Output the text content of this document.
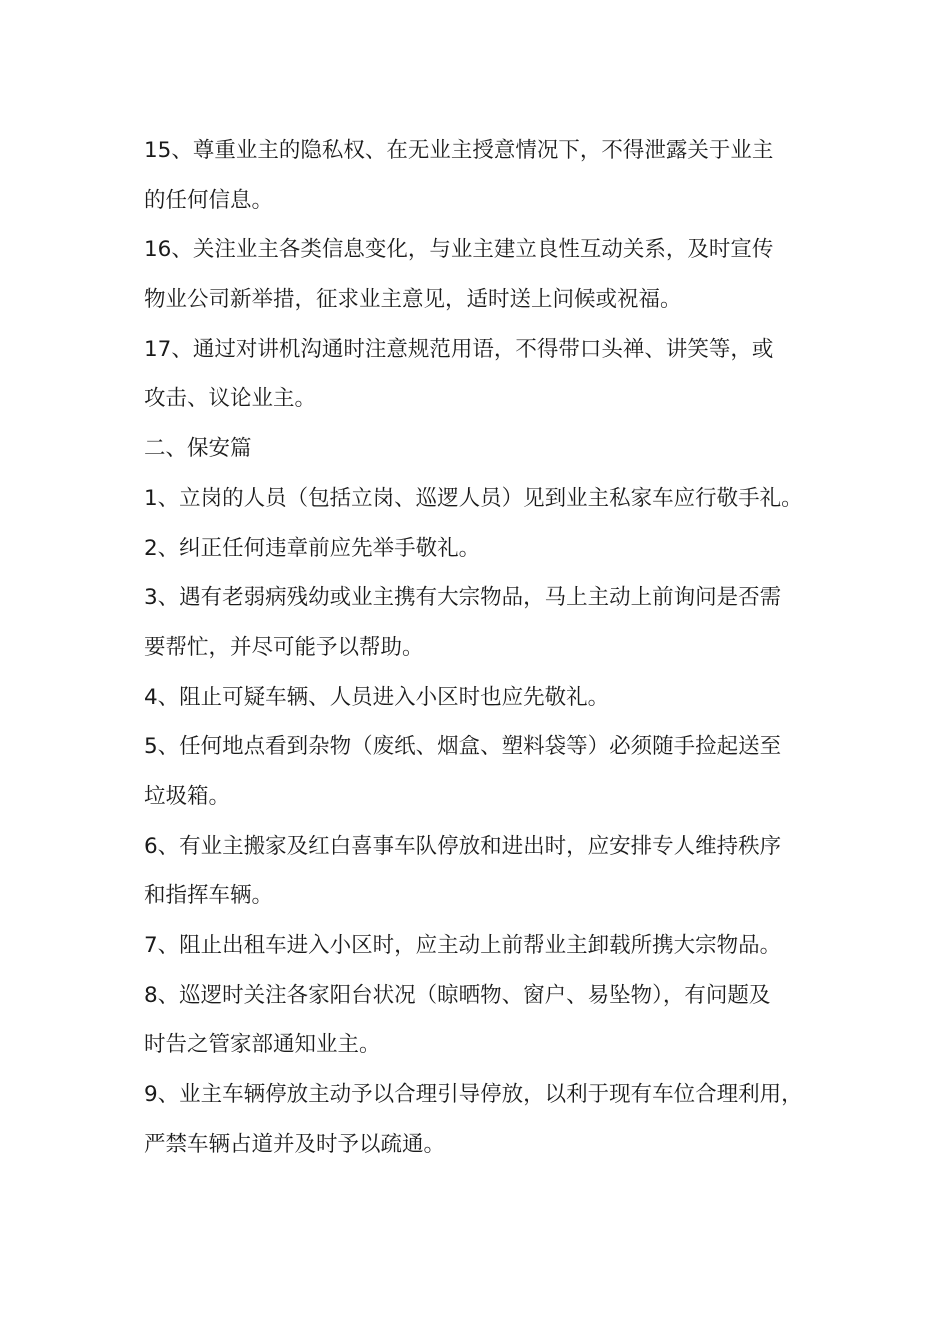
15、尊重业主的隐私权、在无业主授意情况下，不得泄露关于业主
的任何信息。
16、关注业主各类信息变化，与业主建立良性互动关系，及时宣传
物业公司新举措，征求业主意见，适时送上问候或祝福。
17、通过对讲机沟通时注意规范用语，不得带口头禅、讲笑等，或
攻击、议论业主。
二、保安篇
1、立岗的人员（包括立岗、巡逻人员）见到业主私家车应行敬手礼。
2、纠正任何违章前应先举手敬礼。
3、遇有老弱病残幼或业主携有大宗物品，马上主动上前询问是否需
要帮忙，并尽可能予以帮助。
4、阻止可疑车辆、人员进入小区时也应先敬礼。
5、任何地点看到杂物（废纸、烟盒、塑料袋等）必须随手捡起送至
垃圾箱。
6、有业主搬家及红白喜事车队停放和进出时，应安排专人维持秩序
和指挥车辆。
7、阻止出租车进入小区时，应主动上前帮业主卸载所携大宗物品。
8、巡逻时关注各家阳台状况（晾晒物、窗户、易坠物），有问题及
时告之管家部通知业主。
9、业主车辆停放主动予以合理引导停放，以利于现有车位合理利用，
严禁车辆占道并及时予以疏通。
